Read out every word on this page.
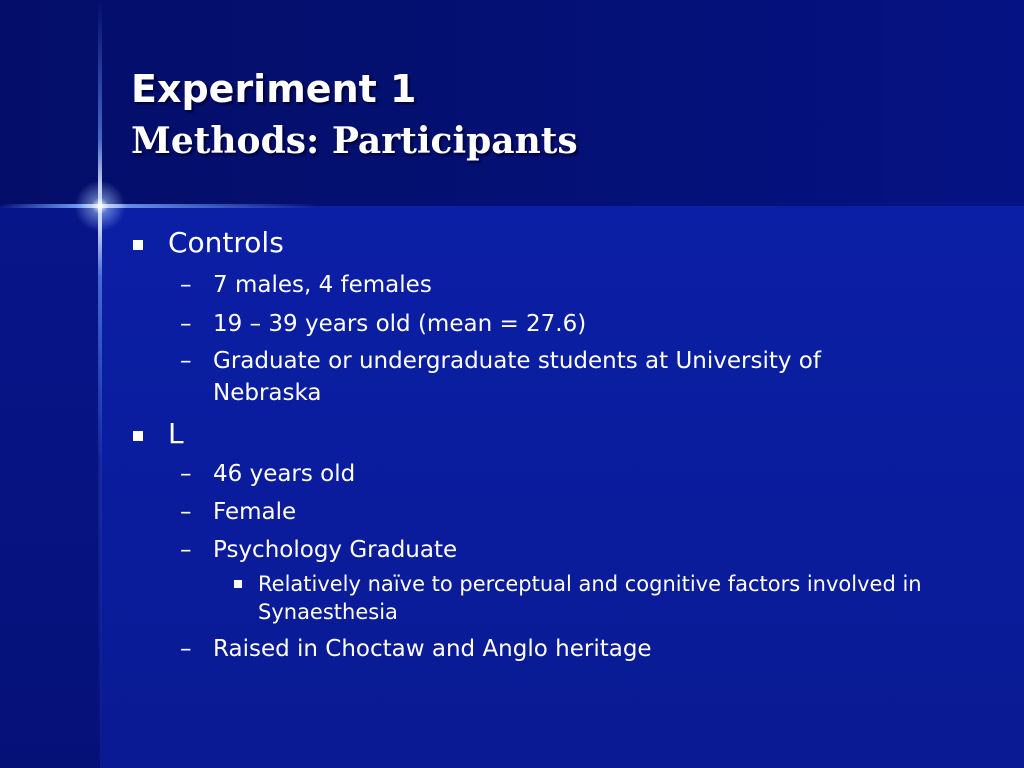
Experiment 1
Methods: Participants
Controls
– 7 males, 4 females
– 19 – 39 years old (mean = 27.6)
– Graduate or undergraduate students at University of Nebraska
L
– 46 years old
– Female
– Psychology Graduate
Relatively naïve to perceptual and cognitive factors involved in Synaesthesia
– Raised in Choctaw and Anglo heritage
